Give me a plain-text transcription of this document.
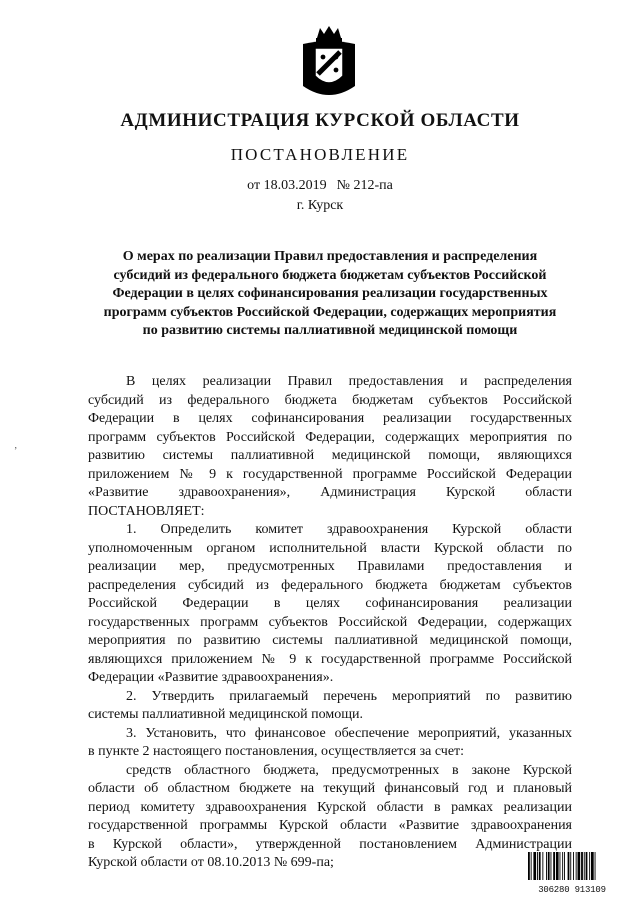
АДМИНИСТРАЦИЯ КУРСКОЙ ОБЛАСТИ
ПОСТАНОВЛЕНИЕ
от 18.03.2019 № 212-па
г. Курск
О мерах по реализации Правил предоставления и распределения
субсидий из федерального бюджета бюджетам субъектов Российской
Федерации в целях софинансирования реализации государственных
программ субъектов Российской Федерации, содержащих мероприятия
по развитию системы паллиативной медицинской помощи
‚
В целях реализации Правил предоставления и распределения
субсидий из федерального бюджета бюджетам субъектов Российской
Федерации в целях софинансирования реализации государственных
программ субъектов Российской Федерации, содержащих мероприятия по
развитию системы паллиативной медицинской помощи, являющихся
приложением № 9 к государственной программе Российской Федерации
«Развитие здравоохранения», Администрация Курской области
ПОСТАНОВЛЯЕТ:
1. Определить комитет здравоохранения Курской области
уполномоченным органом исполнительной власти Курской области по
реализации мер, предусмотренных Правилами предоставления и
распределения субсидий из федерального бюджета бюджетам субъектов
Российской Федерации в целях софинансирования реализации
государственных программ субъектов Российской Федерации, содержащих
мероприятия по развитию системы паллиативной медицинской помощи,
являющихся приложением № 9 к государственной программе Российской
Федерации «Развитие здравоохранения».
2. Утвердить прилагаемый перечень мероприятий по развитию
системы паллиативной медицинской помощи.
3. Установить, что финансовое обеспечение мероприятий, указанных
в пункте 2 настоящего постановления, осуществляется за счет:
средств областного бюджета, предусмотренных в законе Курской
области об областном бюджете на текущий финансовый год и плановый
период комитету здравоохранения Курской области в рамках реализации
государственной программы Курской области «Развитие здравоохранения
в Курской области», утвержденной постановлением Администрации
Курской области от 08.10.2013 № 699-па;
306280 913109
